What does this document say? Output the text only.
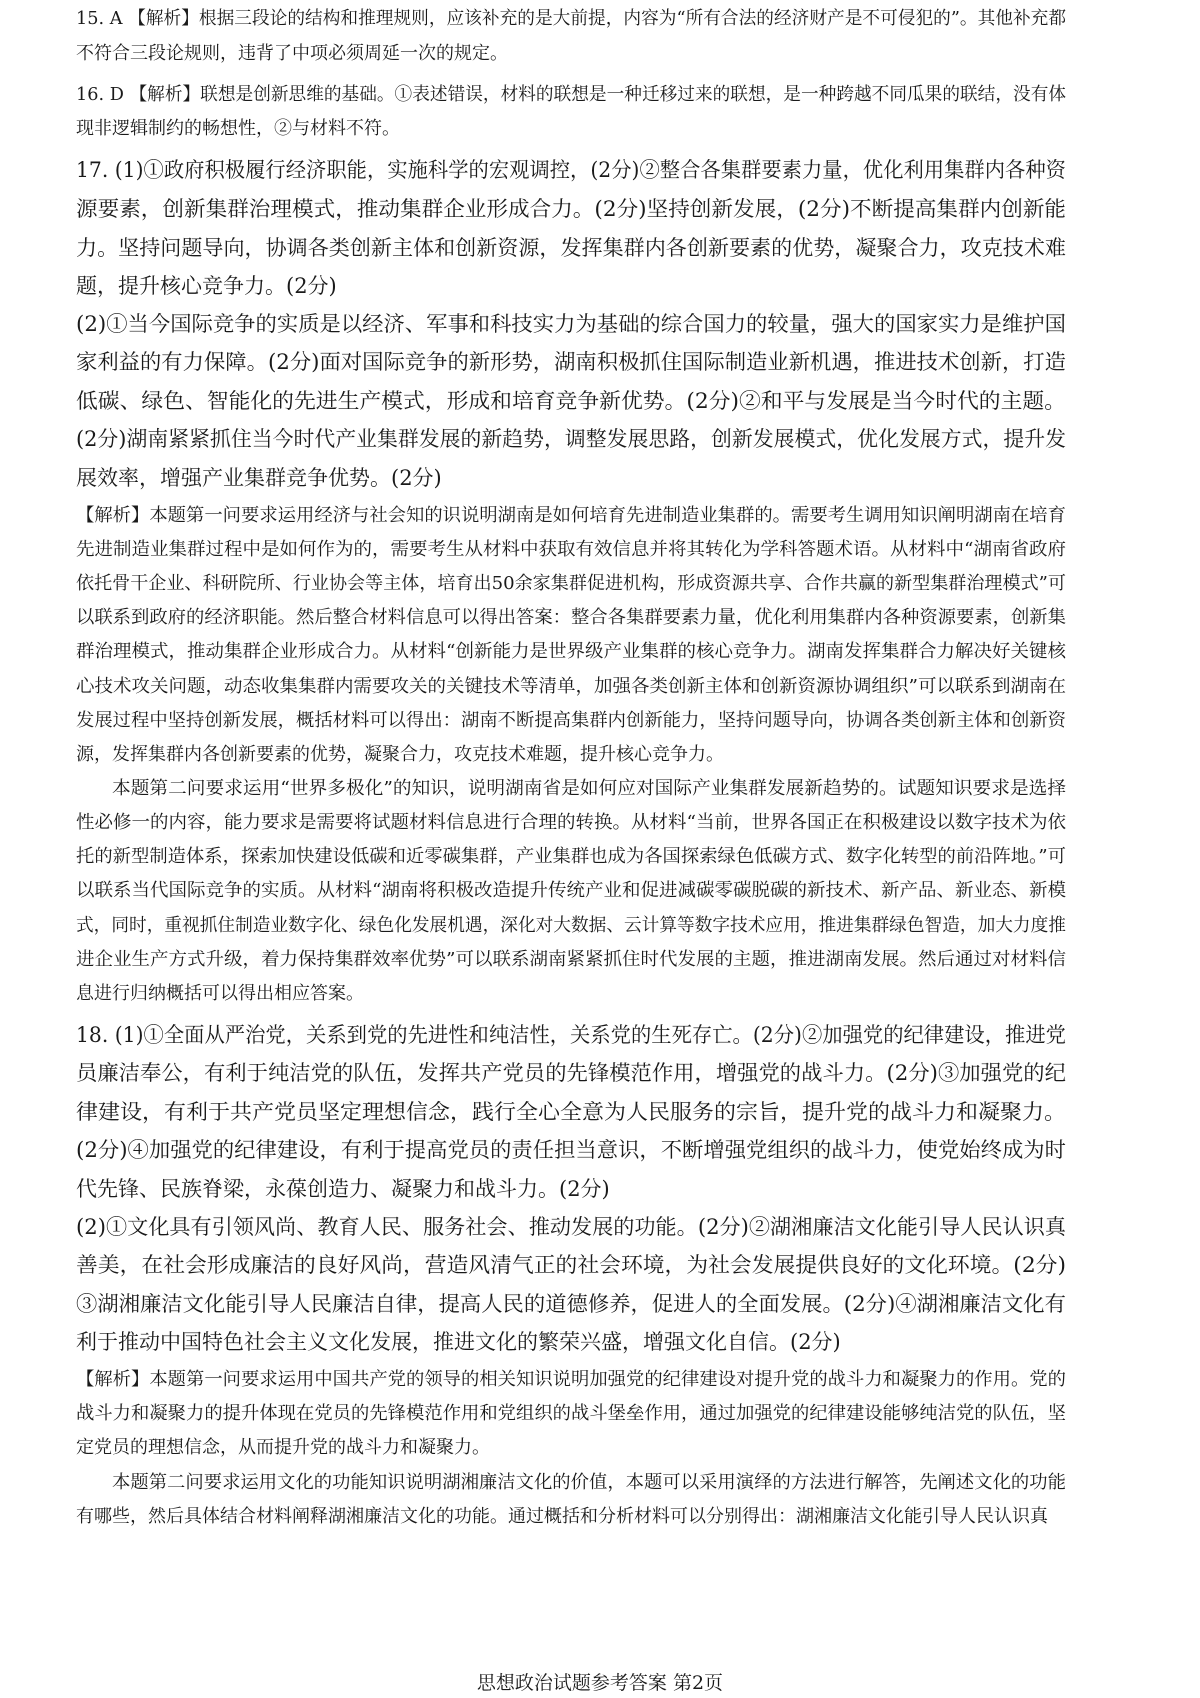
15. A 【解析】根据三段论的结构和推理规则，应该补充的是大前提，内容为“所有合法的经济财产是不可侵犯的”。其他补充都
不符合三段论规则，违背了中项必须周延一次的规定。
16. D 【解析】联想是创新思维的基础。①表述错误，材料的联想是一种迁移过来的联想，是一种跨越不同瓜果的联结，没有体
现非逻辑制约的畅想性，②与材料不符。
17. (1)①政府积极履行经济职能，实施科学的宏观调控，(2分)②整合各集群要素力量，优化利用集群内各种资
源要素，创新集群治理模式，推动集群企业形成合力。(2分)坚持创新发展，(2分)不断提高集群内创新能
力。坚持问题导向，协调各类创新主体和创新资源，发挥集群内各创新要素的优势，凝聚合力，攻克技术难
题，提升核心竞争力。(2分)
(2)①当今国际竞争的实质是以经济、军事和科技实力为基础的综合国力的较量，强大的国家实力是维护国
家利益的有力保障。(2分)面对国际竞争的新形势，湖南积极抓住国际制造业新机遇，推进技术创新，打造
低碳、绿色、智能化的先进生产模式，形成和培育竞争新优势。(2分)②和平与发展是当今时代的主题。
(2分)湖南紧紧抓住当今时代产业集群发展的新趋势，调整发展思路，创新发展模式，优化发展方式，提升发
展效率，增强产业集群竞争优势。(2分)
【解析】本题第一问要求运用经济与社会知的识说明湖南是如何培育先进制造业集群的。需要考生调用知识阐明湖南在培育
先进制造业集群过程中是如何作为的，需要考生从材料中获取有效信息并将其转化为学科答题术语。从材料中“湖南省政府
依托骨干企业、科研院所、行业协会等主体，培育出50余家集群促进机构，形成资源共享、合作共赢的新型集群治理模式”可
以联系到政府的经济职能。然后整合材料信息可以得出答案：整合各集群要素力量，优化利用集群内各种资源要素，创新集
群治理模式，推动集群企业形成合力。从材料“创新能力是世界级产业集群的核心竞争力。湖南发挥集群合力解决好关键核
心技术攻关问题，动态收集集群内需要攻关的关键技术等清单，加强各类创新主体和创新资源协调组织”可以联系到湖南在
发展过程中坚持创新发展，概括材料可以得出：湖南不断提高集群内创新能力，坚持问题导向，协调各类创新主体和创新资
源，发挥集群内各创新要素的优势，凝聚合力，攻克技术难题，提升核心竞争力。
本题第二问要求运用“世界多极化”的知识，说明湖南省是如何应对国际产业集群发展新趋势的。试题知识要求是选择
性必修一的内容，能力要求是需要将试题材料信息进行合理的转换。从材料“当前，世界各国正在积极建设以数字技术为依
托的新型制造体系，探索加快建设低碳和近零碳集群，产业集群也成为各国探索绿色低碳方式、数字化转型的前沿阵地。”可
以联系当代国际竞争的实质。从材料“湖南将积极改造提升传统产业和促进减碳零碳脱碳的新技术、新产品、新业态、新模
式，同时，重视抓住制造业数字化、绿色化发展机遇，深化对大数据、云计算等数字技术应用，推进集群绿色智造，加大力度推
进企业生产方式升级，着力保持集群效率优势”可以联系湖南紧紧抓住时代发展的主题，推进湖南发展。然后通过对材料信
息进行归纳概括可以得出相应答案。
18. (1)①全面从严治党，关系到党的先进性和纯洁性，关系党的生死存亡。(2分)②加强党的纪律建设，推进党
员廉洁奉公，有利于纯洁党的队伍，发挥共产党员的先锋模范作用，增强党的战斗力。(2分)③加强党的纪
律建设，有利于共产党员坚定理想信念，践行全心全意为人民服务的宗旨，提升党的战斗力和凝聚力。
(2分)④加强党的纪律建设，有利于提高党员的责任担当意识，不断增强党组织的战斗力，使党始终成为时
代先锋、民族脊梁，永葆创造力、凝聚力和战斗力。(2分)
(2)①文化具有引领风尚、教育人民、服务社会、推动发展的功能。(2分)②湖湘廉洁文化能引导人民认识真
善美，在社会形成廉洁的良好风尚，营造风清气正的社会环境，为社会发展提供良好的文化环境。(2分)
③湖湘廉洁文化能引导人民廉洁自律，提高人民的道德修养，促进人的全面发展。(2分)④湖湘廉洁文化有
利于推动中国特色社会主义文化发展，推进文化的繁荣兴盛，增强文化自信。(2分)
【解析】本题第一问要求运用中国共产党的领导的相关知识说明加强党的纪律建设对提升党的战斗力和凝聚力的作用。党的
战斗力和凝聚力的提升体现在党员的先锋模范作用和党组织的战斗堡垒作用，通过加强党的纪律建设能够纯洁党的队伍，坚
定党员的理想信念，从而提升党的战斗力和凝聚力。
本题第二问要求运用文化的功能知识说明湖湘廉洁文化的价值，本题可以采用演绎的方法进行解答，先阐述文化的功能
有哪些，然后具体结合材料阐释湖湘廉洁文化的功能。通过概括和分析材料可以分别得出：湖湘廉洁文化能引导人民认识真
思想政治试题参考答案 第2页
